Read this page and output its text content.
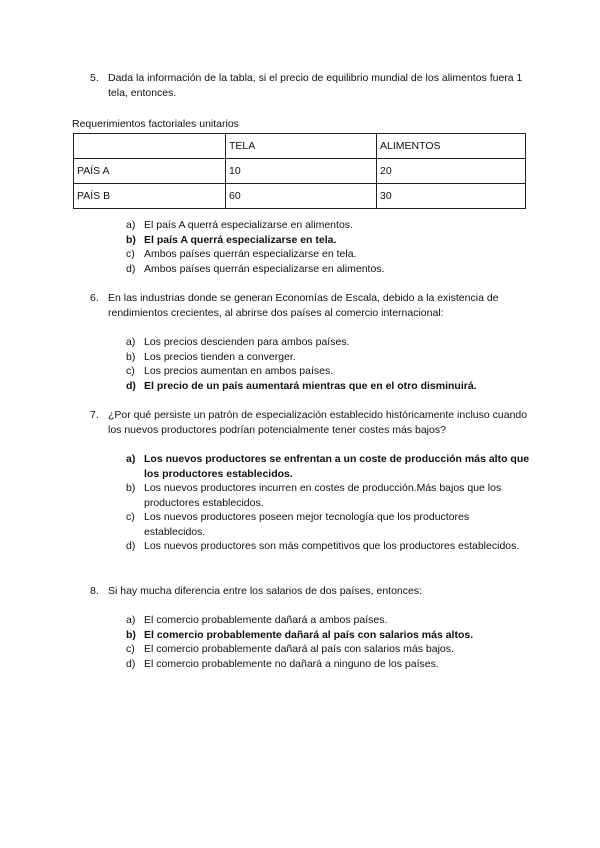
5. Dada la información de la tabla, si el precio de equilibrio mundial de los alimentos fuera 1 tela, entonces.
Requerimientos factoriales unitarios
	TELA	ALIMENTOS
PAÍS A	10	20
PAÍS B	60	30
a) El país A querrá especializarse en alimentos.
b) El país A querrá especializarse en tela.
c) Ambos países querrán especializarse en tela.
d) Ambos países querrán especializarse en alimentos.
6. En las industrias donde se generan Economías de Escala, debido a la existencia de rendimientos crecientes, al abrirse dos países al comercio internacional:
a) Los precios descienden para ambos países.
b) Los precios tienden a converger.
c) Los precios aumentan en ambos países.
d) El precio de un país aumentará mientras que en el otro disminuirá.
7. ¿Por qué persiste un patrón de especialización establecido históricamente incluso cuando los nuevos productores podrían potencialmente tener costes más bajos?
a) Los nuevos productores se enfrentan a un coste de producción más alto que los productores establecidos.
b) Los nuevos productores incurren en costes de producción.Más bajos que los productores establecidos.
c) Los nuevos productores poseen mejor tecnología que los productores establecidos.
d) Los nuevos productores son más competitivos que los productores establecidos.
8. Si hay mucha diferencia entre los salarios de dos países, entonces:
a) El comercio probablemente dañará a ambos países.
b) El comercio probablemente dañará al país con salarios más altos.
c) El comercio probablemente dañará al país con salarios más bajos.
d) El comercio probablemente no dañará a ninguno de los países.
